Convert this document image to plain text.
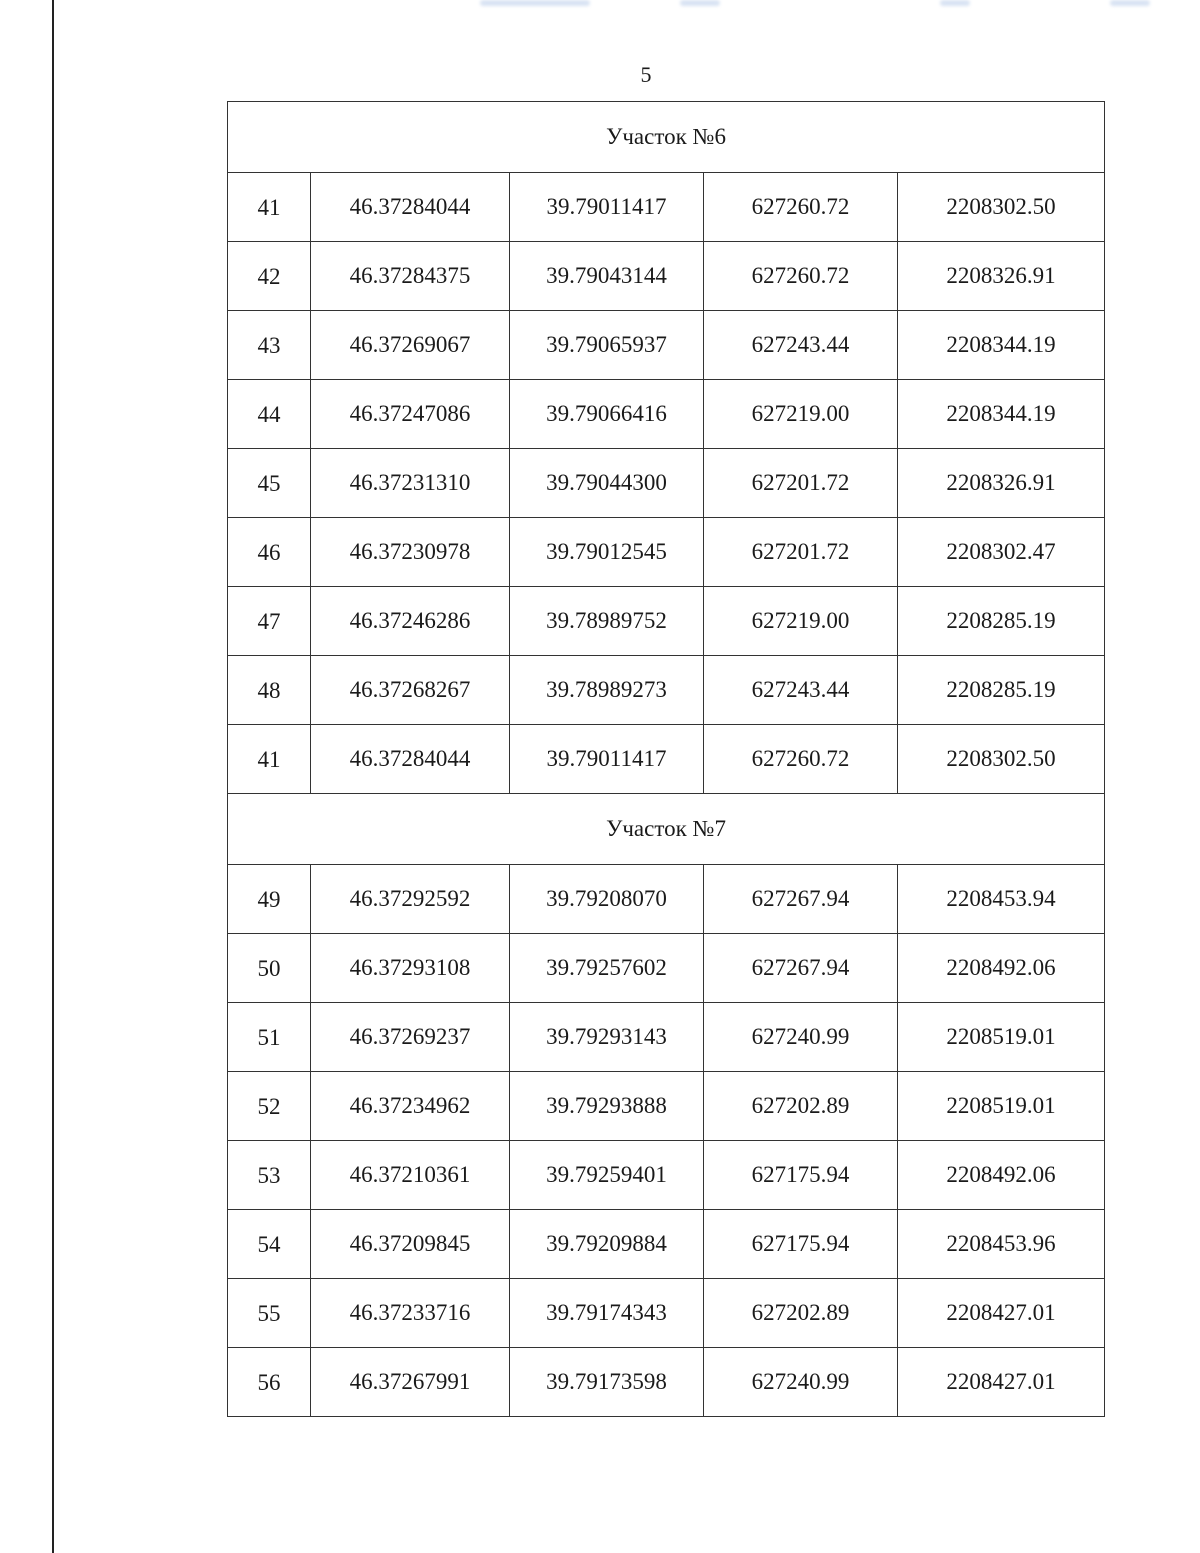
5
Участок №6				

41	46.37284044	39.79011417	627260.72	2208302.50

42	46.37284375	39.79043144	627260.72	2208326.91

43	46.37269067	39.79065937	627243.44	2208344.19

44	46.37247086	39.79066416	627219.00	2208344.19

45	46.37231310	39.79044300	627201.72	2208326.91

46	46.37230978	39.79012545	627201.72	2208302.47

47	46.37246286	39.78989752	627219.00	2208285.19

48	46.37268267	39.78989273	627243.44	2208285.19

41	46.37284044	39.79011417	627260.72	2208302.50
Участок №7				

49	46.37292592	39.79208070	627267.94	2208453.94

50	46.37293108	39.79257602	627267.94	2208492.06

51	46.37269237	39.79293143	627240.99	2208519.01

52	46.37234962	39.79293888	627202.89	2208519.01

53	46.37210361	39.79259401	627175.94	2208492.06

54	46.37209845	39.79209884	627175.94	2208453.96

55	46.37233716	39.79174343	627202.89	2208427.01

56	46.37267991	39.79173598	627240.99	2208427.01
